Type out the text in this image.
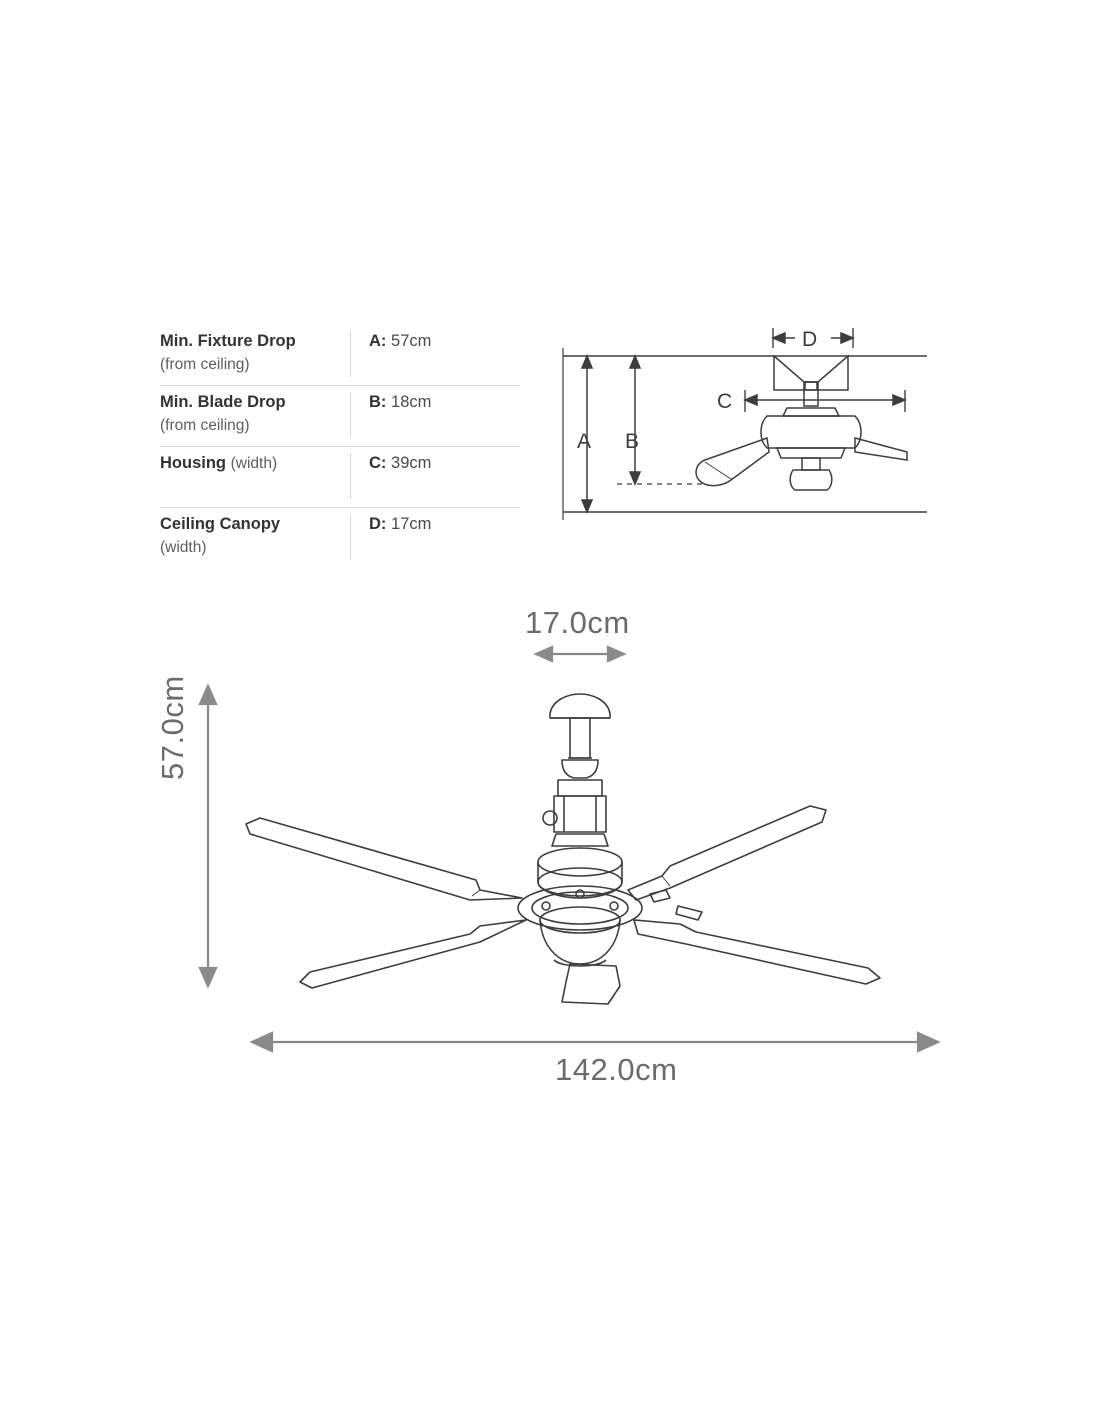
Min. Fixture Drop
(from ceiling)
A: 57cm
Min. Blade Drop
(from ceiling)
B: 18cm
Housing (width)	C: 39cm
Ceiling Canopy
(width)
D: 17cm
A B
C
D
17.0cm
57.0cm
142.0cm
